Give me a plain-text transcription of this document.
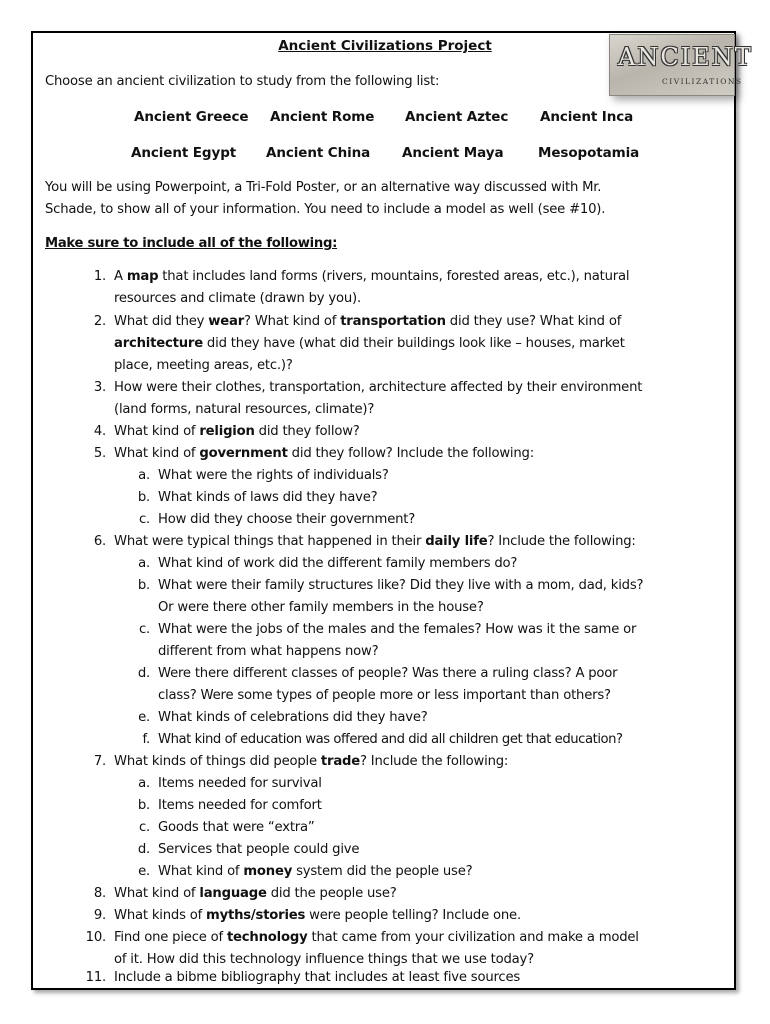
ANCIENT
CIVILIZATIONS
Ancient Civilizations Project
Choose an ancient civilization to study from the following list:
Ancient Greece Ancient Rome Ancient Aztec Ancient Inca
Ancient Egypt Ancient China Ancient Maya	Mesopotamia
You will be using Powerpoint, a Tri-Fold Poster, or an alternative way discussed with Mr.
Schade, to show all of your information. You need to include a model as well (see #10).
Make sure to include all of the following:
1. A map that includes land forms (rivers, mountains, forested areas, etc.), natural
resources and climate (drawn by you).
2. What did they wear? What kind of transportation did they use? What kind of
architecture did they have (what did their buildings look like – houses, market
place, meeting areas, etc.)?
3. How were their clothes, transportation, architecture affected by their environment
(land forms, natural resources, climate)?
4. What kind of religion did they follow?
5. What kind of government did they follow? Include the following:
a. What were the rights of individuals?
b. What kinds of laws did they have?
c. How did they choose their government?
6. What were typical things that happened in their daily life? Include the following:
a. What kind of work did the different family members do?
b. What were their family structures like? Did they live with a mom, dad, kids?
Or were there other family members in the house?
c. What were the jobs of the males and the females? How was it the same or
different from what happens now?
d. Were there different classes of people? Was there a ruling class? A poor
class? Were some types of people more or less important than others?
e. What kinds of celebrations did they have?
f. What kind of education was offered and did all children get that education?
7. What kinds of things did people trade? Include the following:
a. Items needed for survival
b. Items needed for comfort
c. Goods that were “extra”
d. Services that people could give
e. What kind of money system did the people use?
8. What kind of language did the people use?
9. What kinds of myths/stories were people telling? Include one.
10. Find one piece of technology that came from your civilization and make a model
of it. How did this technology influence things that we use today?
11. Include a bibme bibliography that includes at least five sources
